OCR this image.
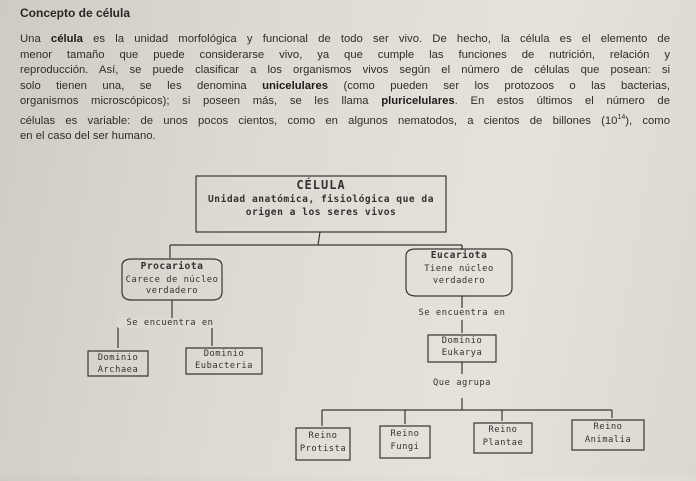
Concepto de célula
Una célula es la unidad morfológica y funcional de todo ser vivo. De hecho, la célula es el elemento de
menor tamaño que puede considerarse vivo, ya que cumple las funciones de nutrición, relación y
reproducción. Así, se puede clasificar a los organismos vivos según el número de células que posean: si
solo tienen una, se les denomina unicelulares (como pueden ser los protozoos o las bacterias,
organismos microscópicos); si poseen más, se les llama pluricelulares. En estos últimos el número de
células es variable: de unos pocos cientos, como en algunos nematodos, a cientos de billones $(10^{14})$, como
en el caso del ser humano.
CÉLULA
Unidad anatómica, fisiológica que da
origen a los seres vivos
Procariota
Carece de núcleo
verdadero
Se encuentra en
Eucariota
Tiene núcleo
verdadero
Se encuentra en
Dominio
Archaea
Dominio
Eubacteria
Dominio
Eukarya
Que agrupa
Reino
Protista
Reino
Fungi
Reino
Plantae
Reino
Animalia
